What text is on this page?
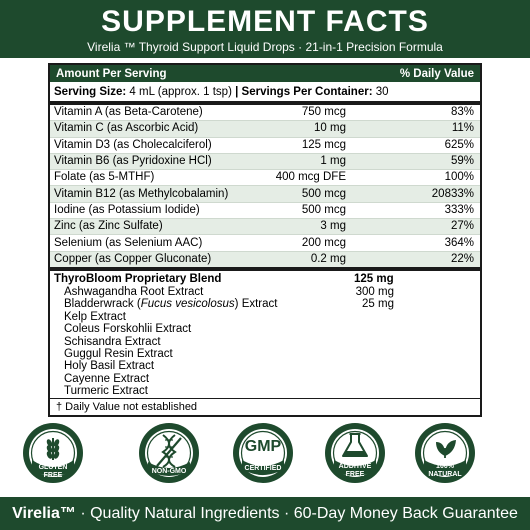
SUPPLEMENT FACTS
Virelia ™ Thyroid Support Liquid Drops · 21-in-1 Precision Formula
Amount Per Serving	% Daily Value
Serving Size:
4 mL (approx. 1 tsp)
| Servings Per Container:
30
Vitamin A (as Beta-Carotene)	750 mcg	83%
Vitamin C (as Ascorbic Acid)	10 mg	11%
Vitamin D3 (as Cholecalciferol)	125 mcg	625%
Vitamin B6 (as Pyridoxine HCl)	1 mg	59%
Folate (as 5-MTHF)	400 mcg DFE	100%
Vitamin B12 (as Methylcobalamin)	500 mcg	20833%
Iodine (as Potassium Iodide)	500 mcg	333%
Zinc (as Zinc Sulfate)	3 mg	27%
Selenium (as Selenium AAC)	200 mcg	364%
Copper (as Copper Gluconate)	0.2 mg	22%
ThyroBloom Proprietary Blend	125 mg
Ashwagandha Root Extract	300 mg
Bladderwrack (Fucus vesicolosus) Extract	25 mg
Kelp Extract
Coleus Forskohlii Extract
Schisandra Extract
Guggul Resin Extract
Holy Basil Extract
Cayenne Extract
Turmeric Extract
† Daily Value not established
GLUTEN
FREE
NON-GMO
GMP
CERTIFIED	ADDITIVE
FREE
100%
NATURAL
Virelia™ · Quality Natural Ingredients · 60-Day Money Back Guarantee
